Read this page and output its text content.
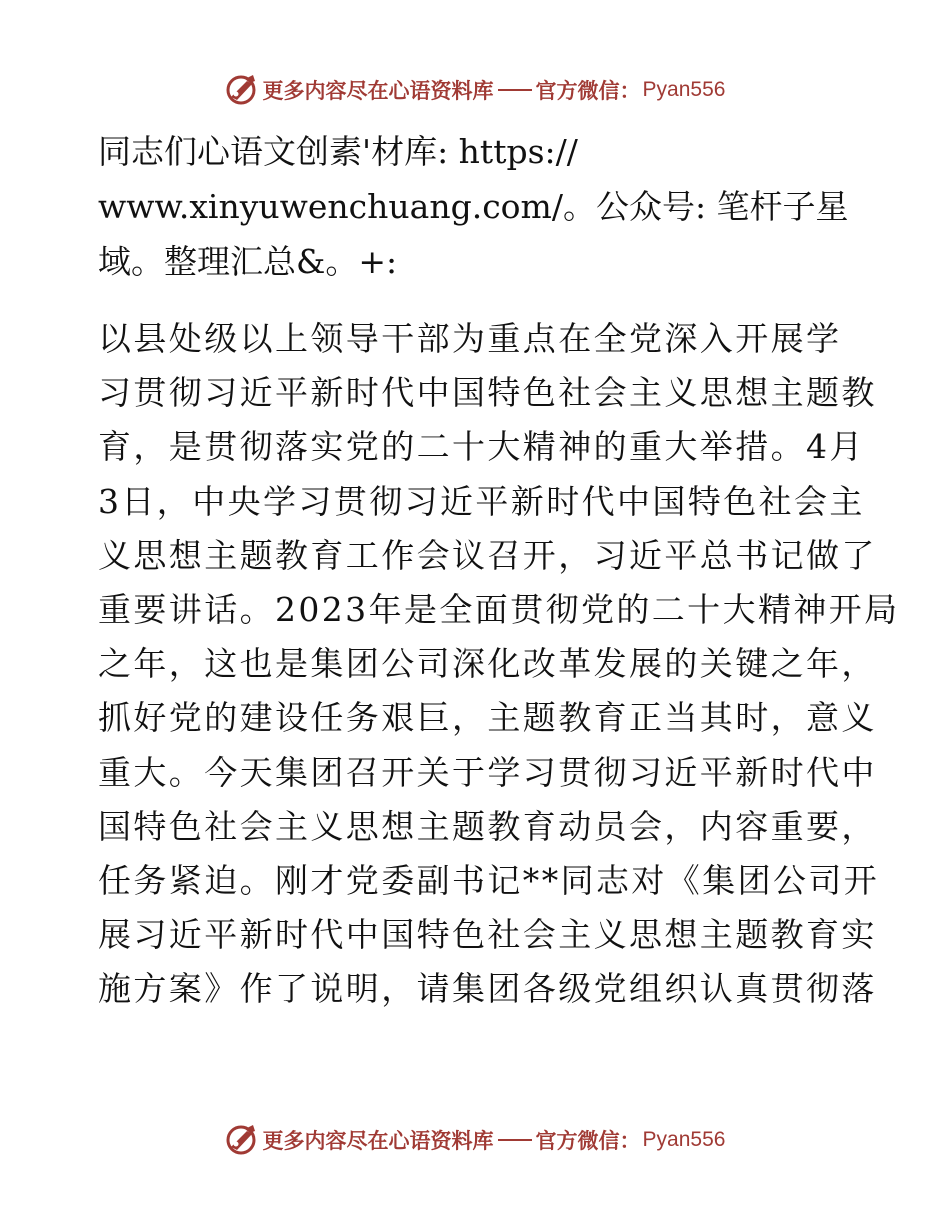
更多内容尽在心语资料库 官方微信： Pyan556
同志们心语文创素'材库: https://
www.xinyuwenchuang.com/。公众号: 笔杆子星
域。整理汇总&。+:
以县处级以上领导干部为重点在全党深入开展学
习贯彻习近平新时代中国特色社会主义思想主题教
育，是贯彻落实党的二十大精神的重大举措。4月
3日，中央学习贯彻习近平新时代中国特色社会主
义思想主题教育工作会议召开，习近平总书记做了
重要讲话。2023年是全面贯彻党的二十大精神开局
之年，这也是集团公司深化改革发展的关键之年，
抓好党的建设任务艰巨，主题教育正当其时，意义
重大。今天集团召开关于学习贯彻习近平新时代中
国特色社会主义思想主题教育动员会，内容重要，
任务紧迫。刚才党委副书记**同志对《集团公司开
展习近平新时代中国特色社会主义思想主题教育实
施方案》作了说明，请集团各级党组织认真贯彻落
更多内容尽在心语资料库 官方微信： Pyan556
